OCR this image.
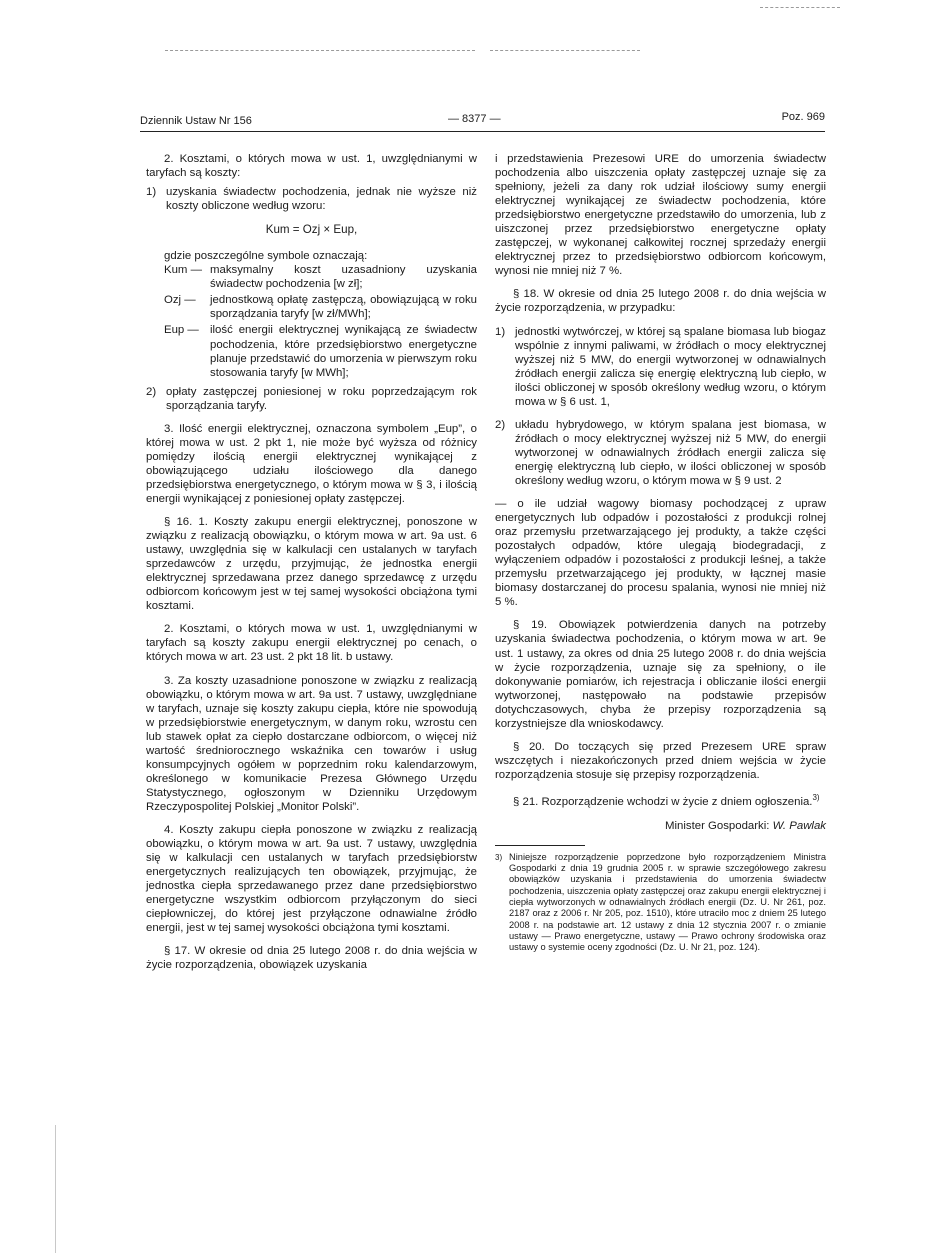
Dziennik Ustaw Nr 156	— 8377 —	Poz. 969

2. Kosztami, o których mowa w ust. 1, uwzględnianymi w taryfach są koszty:

1) uzyskania świadectw pochodzenia, jednak nie wyższe niż koszty obliczone według wzoru:

Kum = Ozj × Eup,

gdzie poszczególne symbole oznaczają:

Kum — maksymalny koszt uzasadniony uzyskania świadectw pochodzenia [w zł];

Ozj —	jednostkową opłatę zastępczą, obowiązującą w roku sporządzania taryfy [w zł/MWh];

Eup — ilość energii elektrycznej wynikającą ze świadectw pochodzenia, które przedsiębiorstwo energetyczne planuje przedstawić do umorzenia w pierwszym roku stosowania taryfy [w MWh];

2) opłaty zastępczej poniesionej w roku poprzedzającym rok sporządzania taryfy.

3. Ilość energii elektrycznej, oznaczona symbolem „Eup”, o której mowa w ust. 2 pkt 1, nie może być wyższa od różnicy pomiędzy ilością energii elektrycznej wynikającej z obowiązującego udziału ilościowego dla danego przedsiębiorstwa energetycznego, o którym mowa w § 3, i ilością energii wynikającej z poniesionej opłaty zastępczej.

§ 16. 1. Koszty zakupu energii elektrycznej, ponoszone w związku z realizacją obowiązku, o którym mowa w art. 9a ust. 6 ustawy, uwzględnia się w kalkulacji cen ustalanych w taryfach sprzedawców z urzędu, przyjmując, że jednostka energii elektrycznej sprzedawana przez danego sprzedawcę z urzędu odbiorcom końcowym jest w tej samej wysokości obciążona tymi kosztami.

2. Kosztami, o których mowa w ust. 1, uwzględnianymi w taryfach są koszty zakupu energii elektrycznej po cenach, o których mowa w art. 23 ust. 2 pkt 18 lit. b ustawy.

3. Za koszty uzasadnione ponoszone w związku z realizacją obowiązku, o którym mowa w art. 9a ust. 7 ustawy, uwzględniane w taryfach, uznaje się koszty zakupu ciepła, które nie spowodują w przedsiębiorstwie energetycznym, w danym roku, wzrostu cen lub stawek opłat za ciepło dostarczane odbiorcom, o więcej niż wartość średniorocznego wskaźnika cen towarów i usług konsumpcyjnych ogółem w poprzednim roku kalendarzowym, określonego w komunikacie Prezesa Głównego Urzędu Statystycznego, ogłoszonym w Dzienniku Urzędowym Rzeczypospolitej Polskiej „Monitor Polski”.

4. Koszty zakupu ciepła ponoszone w związku z realizacją obowiązku, o którym mowa w art. 9a ust. 7 ustawy, uwzględnia się w kalkulacji cen ustalanych w taryfach przedsiębiorstw energetycznych realizujących ten obowiązek, przyjmując, że jednostka ciepła sprzedawanego przez dane przedsiębiorstwo energetyczne wszystkim odbiorcom przyłączonym do sieci ciepłowniczej, do której jest przyłączone odnawialne źródło energii, jest w tej samej wysokości obciążona tymi kosztami.

§ 17. W okresie od dnia 25 lutego 2008 r. do dnia wejścia w życie rozporządzenia, obowiązek uzyskania

i przedstawienia Prezesowi URE do umorzenia świadectw pochodzenia albo uiszczenia opłaty zastępczej uznaje się za spełniony, jeżeli za dany rok udział ilościowy sumy energii elektrycznej wynikającej ze świadectw pochodzenia, które przedsiębiorstwo energetyczne przedstawiło do umorzenia, lub z uiszczonej przez przedsiębiorstwo energetyczne opłaty zastępczej, w wykonanej całkowitej rocznej sprzedaży energii elektrycznej przez to przedsiębiorstwo odbiorcom końcowym, wynosi nie mniej niż 7 %.

§ 18. W okresie od dnia 25 lutego 2008 r. do dnia wejścia w życie rozporządzenia, w przypadku:

1) jednostki wytwórczej, w której są spalane biomasa lub biogaz wspólnie z innymi paliwami, w źródłach o mocy elektrycznej wyższej niż 5 MW, do energii wytworzonej w odnawialnych źródłach energii zalicza się energię elektryczną lub ciepło, w ilości obliczonej w sposób określony według wzoru, o którym mowa w § 6 ust. 1,

2) układu hybrydowego, w którym spalana jest biomasa, w źródłach o mocy elektrycznej wyższej niż 5 MW, do energii wytworzonej w odnawialnych źródłach energii zalicza się energię elektryczną lub ciepło, w ilości obliczonej w sposób określony według wzoru, o którym mowa w § 9 ust. 2

— o ile udział wagowy biomasy pochodzącej z upraw energetycznych lub odpadów i pozostałości z produkcji rolnej oraz przemysłu przetwarzającego jej produkty, a także części pozostałych odpadów, które ulegają biodegradacji, z wyłączeniem odpadów i pozostałości z produkcji leśnej, a także przemysłu przetwarzającego jej produkty, w łącznej masie biomasy dostarczanej do procesu spalania, wynosi nie mniej niż 5 %.

§ 19. Obowiązek potwierdzenia danych na potrzeby uzyskania świadectwa pochodzenia, o którym mowa w art. 9e ust. 1 ustawy, za okres od dnia 25 lutego 2008 r. do dnia wejścia w życie rozporządzenia, uznaje się za spełniony, o ile dokonywanie pomiarów, ich rejestracja i obliczanie ilości energii wytworzonej, następowało na podstawie przepisów dotychczasowych, chyba że przepisy rozporządzenia są korzystniejsze dla wnioskodawcy.

§ 20. Do toczących się przed Prezesem URE spraw wszczętych i niezakończonych przed dniem wejścia w życie rozporządzenia stosuje się przepisy rozporządzenia.

§ 21. Rozporządzenie wchodzi w życie z dniem ogłoszenia.$^{3)}$

Minister Gospodarki: W. Pawlak

3) Niniejsze rozporządzenie poprzedzone było rozporządzeniem Ministra Gospodarki z dnia 19 grudnia 2005 r. w sprawie szczegółowego zakresu obowiązków uzyskania i przedstawienia do umorzenia świadectw pochodzenia, uiszczenia opłaty zastępczej oraz zakupu energii elektrycznej i ciepła wytworzonych w odnawialnych źródłach energii (Dz. U. Nr 261, poz. 2187 oraz z 2006 r. Nr 205, poz. 1510), które utraciło moc z dniem 25 lutego 2008 r. na podstawie art. 12 ustawy z dnia 12 stycznia 2007 r. o zmianie ustawy — Prawo energetyczne, ustawy — Prawo ochrony środowiska oraz ustawy o systemie oceny zgodności (Dz. U. Nr 21, poz. 124).
